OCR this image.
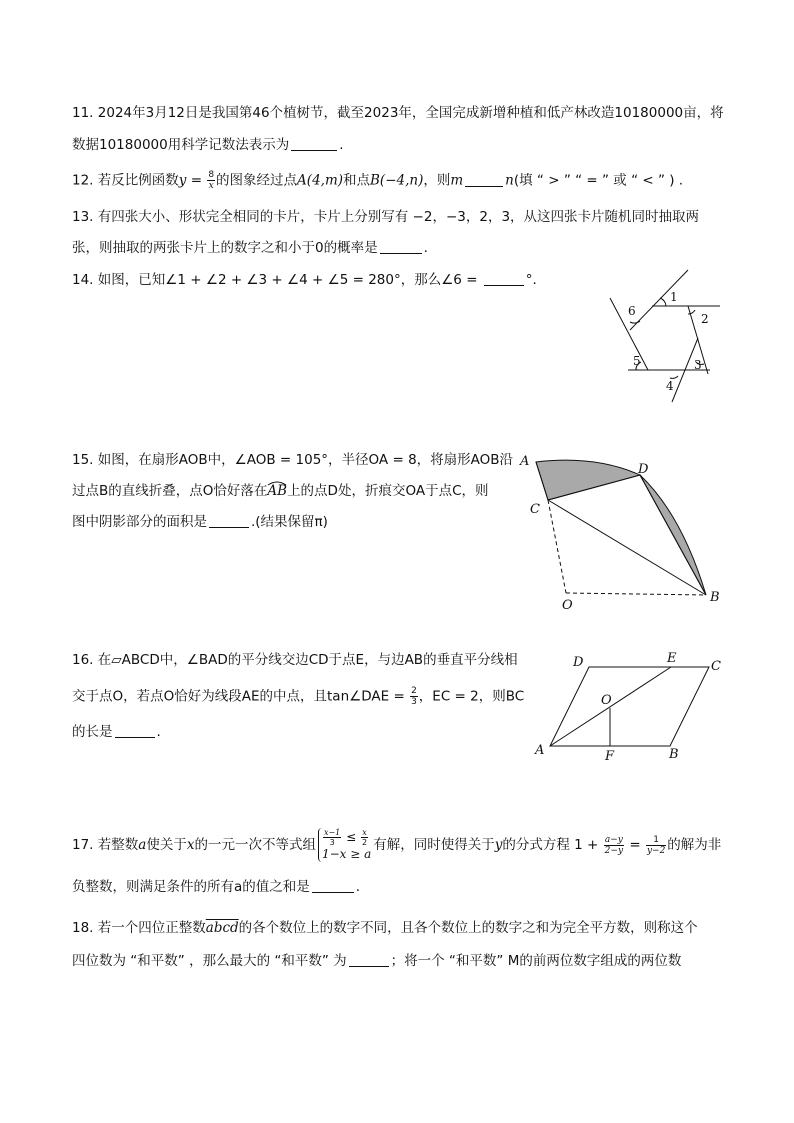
11. 2024年3月12日是我国第46个植树节，截至2023年，全国完成新增种植和低产林改造10180000亩，将
数据10180000用科学记数法表示为	.
12. 若反比例函数$y = \frac{8}{x}$ 的图象经过点A(4,m)和点B(−4,n)，则m	n(填 “ > ” “ = ” 或 “ < ” ) .
13. 有四张大小、形状完全相同的卡片，卡片上分别写有 −2，−3，2，3，从这四张卡片随机同时抽取两
张，则抽取的两张卡片上的数字之和小于0的概率是	.
14. 如图，已知∠1 + ∠2 + ∠3 + ∠4 + ∠5 = 280°，那么∠6 =	°.
1
2
3
4
5
6
15. 如图，在扇形AOB中，∠AOB = 105°，半径OA = 8，将扇形AOB沿
过点B的直线折叠，点O恰好落在AB
上的点D处，折痕交OA于点C，则
图中阴影部分的面积是	.(结果保留π)
A
D
C
O
B
16. 在▱ABCD中，∠BAD的平分线交边CD于点E，与边AB的垂直平分线相
交于点O，若点O恰好为线段AE的中点，且tan∠DAE = $\frac{2}{3}$ ，EC = 2，则BC
的长是	.
D	E
C
O
A	F	B
17. 若整数a使关于x的一元一次不等式组 $\frac{x-1}{3} \le \frac{x}{2}$
1−x ≥ a
有解，同时使得关于y的分式方程 $1 + \frac{a-y}{2-y} = \frac{1}{y-2}$ 的解为非
负整数，则满足条件的所有a的值之和是	.
18. 若一个四位正整数abcd的各个数位上的数字不同，且各个数位上的数字之和为完全平方数，则称这个
四位数为 “和平数” ，那么最大的 “和平数” 为	；将一个 “和平数” M的前两位数字组成的两位数
